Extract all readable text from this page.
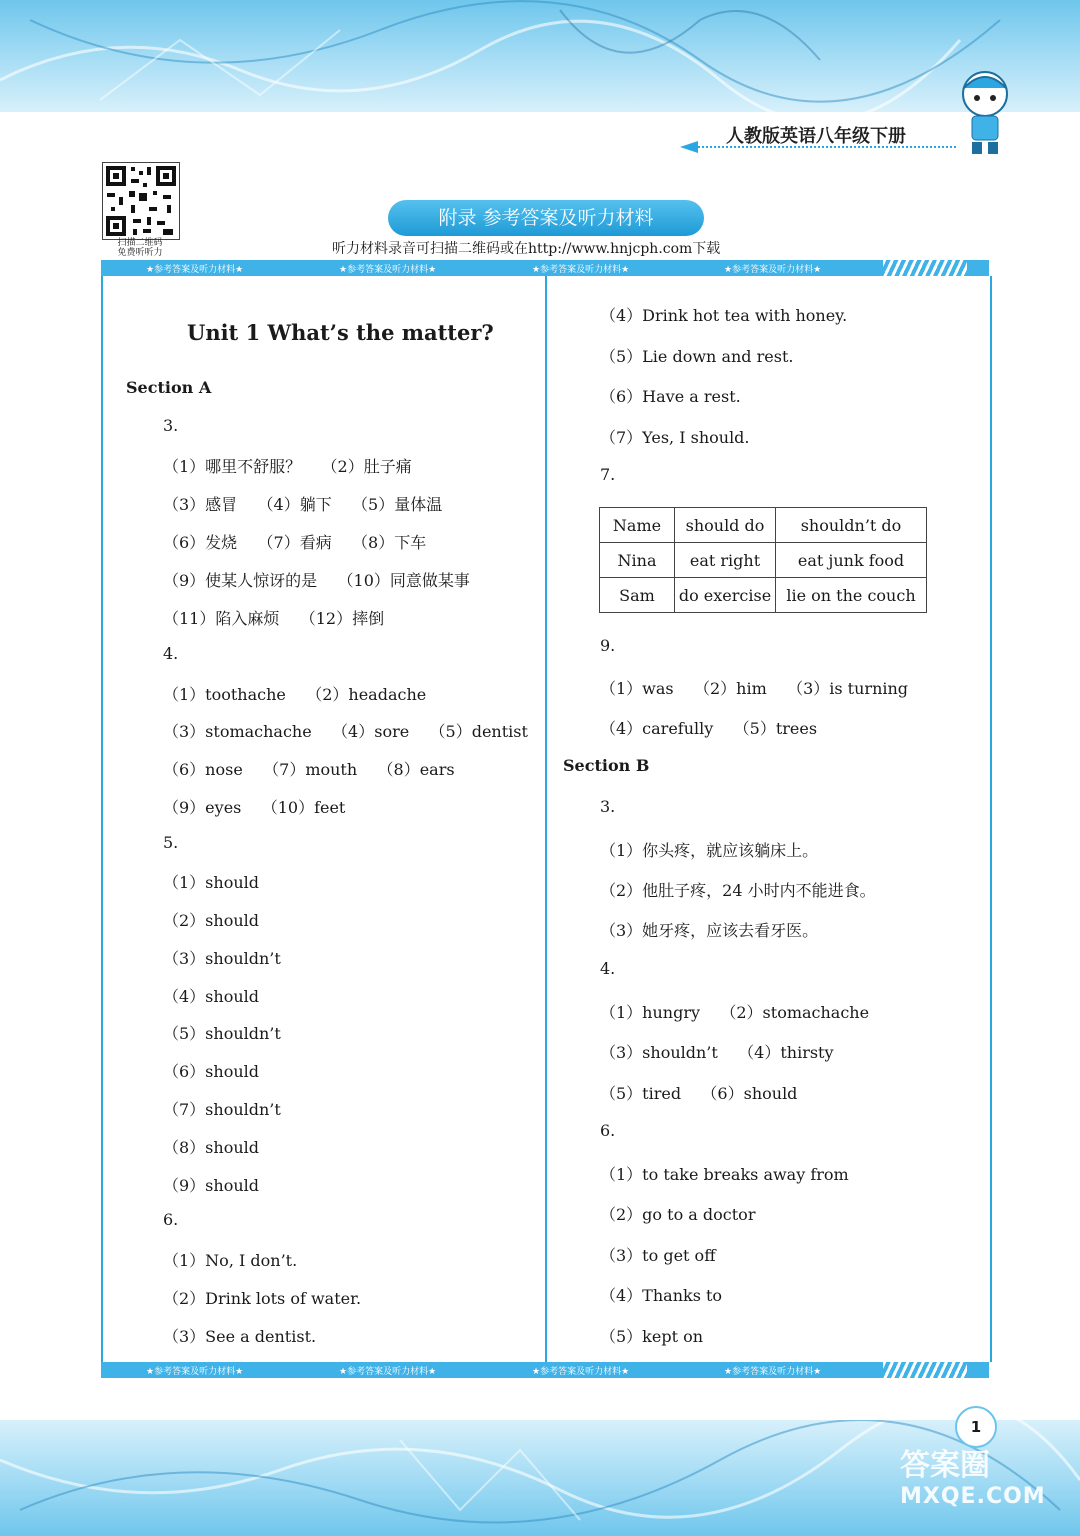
人教版英语八年级下册
扫描二维码
免费听听力
附录 参考答案及听力材料
听力材料录音可扫描二维码或在http://www.hnjcph.com下载
★参考答案及听力材料★	★参考答案及听力材料★	★参考答案及听力材料★	★参考答案及听力材料★
Unit 1 What’s the matter?
Section A
3.
（1）哪里不舒服？    （2）肚子痛
（3）感冒    （4）躺下    （5）量体温
（6）发烧    （7）看病    （8）下车
（9）使某人惊讶的是    （10）同意做某事
（11）陷入麻烦    （12）摔倒
4.
（1）toothache    （2）headache
（3）stomachache    （4）sore    （5）dentist
（6）nose    （7）mouth    （8）ears
（9）eyes    （10）feet
5.
（1）should
（2）should
（3）shouldn’t
（4）should
（5）shouldn’t
（6）should
（7）shouldn’t
（8）should
（9）should
6.
（1）No, I don’t.
（2）Drink lots of water.
（3）See a dentist.
（4）Drink hot tea with honey.
（5）Lie down and rest.
（6）Have a rest.
（7）Yes, I should.
7.
Name	should do	shouldn’t do
Nina	eat right	eat junk food
Sam	do exercise	lie on the couch
9.
（1）was    （2）him    （3）is turning
（4）carefully    （5）trees
Section B
3.
（1）你头疼，就应该躺床上。
（2）他肚子疼，24 小时内不能进食。
（3）她牙疼，应该去看牙医。
4.
（1）hungry    （2）stomachache
（3）shouldn’t    （4）thirsty
（5）tired    （6）should
6.
（1）to take breaks away from
（2）go to a doctor
（3）to get off
（4）Thanks to
（5）kept on
★参考答案及听力材料★	★参考答案及听力材料★	★参考答案及听力材料★	★参考答案及听力材料★
1
答案圈
MXQE.COM
